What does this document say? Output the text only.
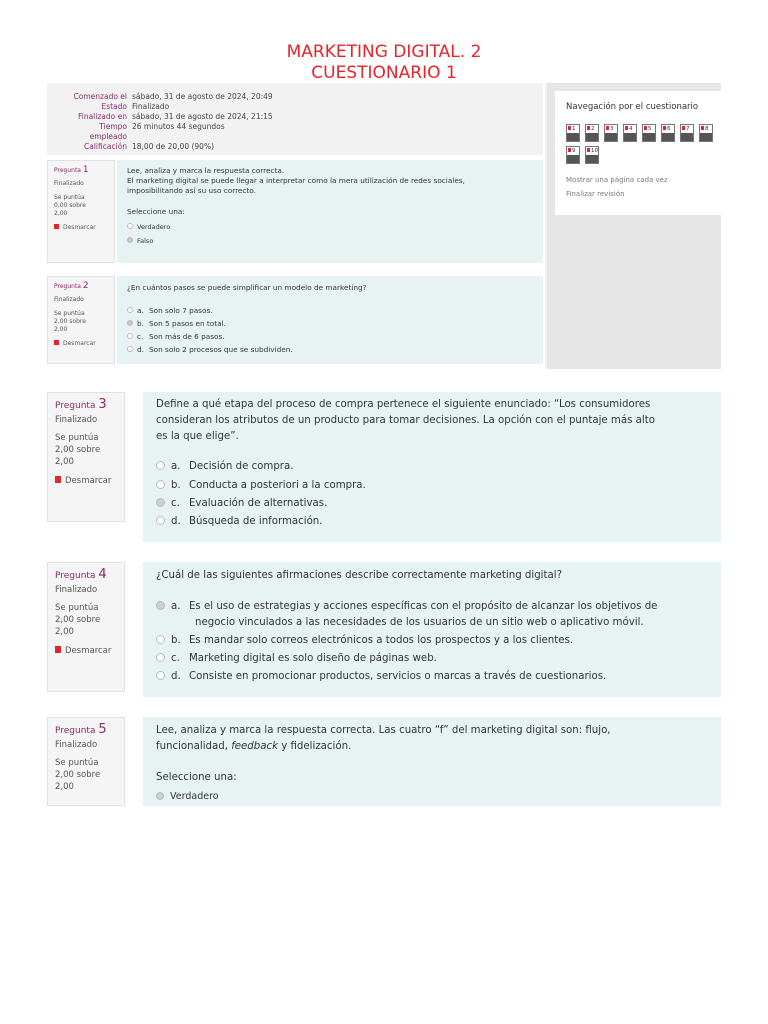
MARKETING DIGITAL. 2
CUESTIONARIO 1
Comenzado el sábado, 31 de agosto de 2024, 20:49
Estado Finalizado
Finalizado en sábado, 31 de agosto de 2024, 21:15
Tiempo 26 minutos 44 segundos
empleado
Calificación 18,00 de 20,00 (90%)
Navegación por el cuestionario
1	2	3	4	5	6	7	8
9	10
Mostrar una página cada vez
Finalizar revisión
Pregunta 1
Finalizado
Se puntúa
0,00 sobre
2,00
Desmarcar
Lee, analiza y marca la respuesta correcta.
El marketing digital se puede llegar a interpretar como la mera utilización de redes sociales,
imposibilitando así su uso correcto.
Seleccione una:
Verdadero
Falso
Pregunta 2
Finalizado
Se puntúa
2,00 sobre
2,00
Desmarcar
¿En cuántos pasos se puede simplificar un modelo de marketing?
a. Son solo 7 pasos.
b. Son 5 pasos en total.
c. Son más de 6 pasos.
d. Son solo 2 procesos que se subdividen.
Pregunta 3
Finalizado
Se puntúa
2,00 sobre
2,00
Desmarcar
Define a qué etapa del proceso de compra pertenece el siguiente enunciado: “Los consumidores
consideran los atributos de un producto para tomar decisiones. La opción con el puntaje más alto
es la que elige”.
a. Decisión de compra.
b. Conducta a posteriori a la compra.
c. Evaluación de alternativas.
d. Búsqueda de información.
Pregunta 4
Finalizado
Se puntúa
2,00 sobre
2,00
Desmarcar
¿Cuál de las siguientes afirmaciones describe correctamente marketing digital?
a. Es el uso de estrategias y acciones específicas con el propósito de alcanzar los objetivos de
negocio vinculados a las necesidades de los usuarios de un sitio web o aplicativo móvil.
b. Es mandar solo correos electrónicos a todos los prospectos y a los clientes.
c. Marketing digital es solo diseño de páginas web.
d. Consiste en promocionar productos, servicios o marcas a través de cuestionarios.
Pregunta 5
Finalizado
Se puntúa
2,00 sobre
2,00
Lee, analiza y marca la respuesta correcta. Las cuatro “f” del marketing digital son: flujo,
funcionalidad, feedback y fidelización.
Seleccione una:
Verdadero
